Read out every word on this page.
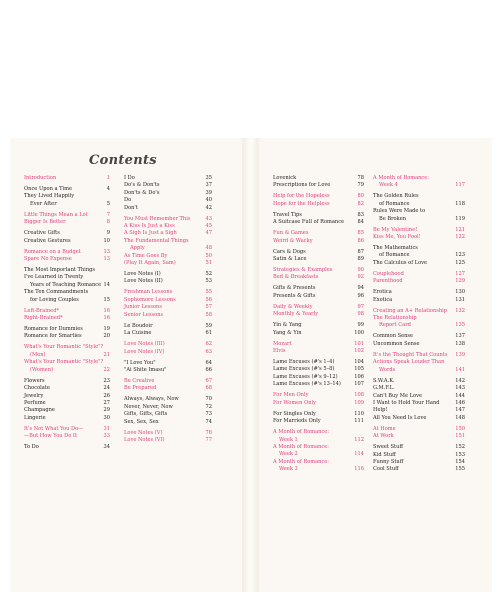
Contents
Introduction	1
Once Upon a Time	4
They Lived Happily
Ever After	5
Little Things Mean a Lot	7
Bigger Is Better	8
Creative Gifts	9
Creative Gestures	10
Romance on a Budget	13
Spare No Expense	13
The Most Important Things
I've Learned in Twenty
Years of Teaching Romance 14
The Ten Commandments
for Loving Couples	15
Left-Brained*	16
Right-Brained*	16
Romance for Dummies	19
Romance for Smarties	20
What's Your Romantic "Style"?
(Men)	21
What's Your Romantic "Style"?
(Women)	22
Flowers	23
Chocolate	24
Jewelry	26
Perfume	27
Champagne	29
Lingerie	30
It's Not What You Do—	31
—But How You Do It	33
To Do	34
I Do	35
Do's & Don'ts	37
Don'ts & Do's	39
Do	40
Don't	42
You Must Remember This	43
A Kiss Is Just a Kiss	45
A Sigh Is Just a Sigh	47
The Fundamental Things
Apply	48
As Time Goes By	50
(Play It Again, Sam)	51
Love Notes (I)	52
Love Notes (II)	53
Freshman Lessons	55
Sophomore Lessons	56
Junior Lessons	57
Senior Lessons	58
Le Boudoir	59
La Cuisine	61
Love Notes (III)	62
Love Notes (IV)	63
"I Love You"	64
"Ai Shite Imasu"	66
Be Creative	67
Be Prepared	68
Always, Always, Now	70
Never, Never, Now	72
Gifts, Gifts, Gifts	73
Sex, Sex, Sex	74
Love Notes (V)	76
Love Notes (VI)	77
Lovenick	78
Prescriptions for Love	79
Help for the Hopeless	80
Hope for the Helpless	82
Travel Tips	83
A Suitcase Full of Romance	84
Fun & Games	85
Weird & Wacky	86
Cars & Dogs	87
Satin & Lace	89
Strategies & Examples	90
Bed & Breakfasts	92
Gifts & Presents	94
Presents & Gifts	96
Daily & Weekly	97
Monthly & Yearly	98
Yin & Yang	99
Yang & Yin	100
Mozart	101
Elvis	102
Lame Excuses (#'s 1–4)	104
Lame Excuses (#'s 5–8)	105
Lame Excuses (#'s 9–12)	106
Lame Excuses (#'s 13–14)	107
For Men Only	108
For Women Only	109
For Singles Only	110
For Marrieds Only	111
A Month of Romance:
Week 1	112
A Month of Romance:
Week 2	114
A Month of Romance:
Week 3	116
A Month of Romance:
Week 4	117
The Golden Rules
of Romance	118
Rules Were Made to
Be Broken	119
Be My Valentine!	121
Kiss Me, You Fool!	122
The Mathematics
of Romance	123
The Calculus of Love	125
Couplehood	127
Parenthood	129
Erotica	130
Exotica	131
Creating an A+ Relationship 132
The Relationship
Report Card	135
Common Sense	137
Uncommon Sense	138
It's the Thought That Counts 139
Actions Speak Louder Than
Words	141
S.W.A.K.	142
G.M.F.L.	143
Can't Buy Me Love	144
I Want to Hold Your Hand	146
Help!	147
All You Need Is Love	148
At Home	150
At Work	151
Sweet Stuff	152
Kid Stuff	153
Funny Stuff	154
Cool Stuff	155
